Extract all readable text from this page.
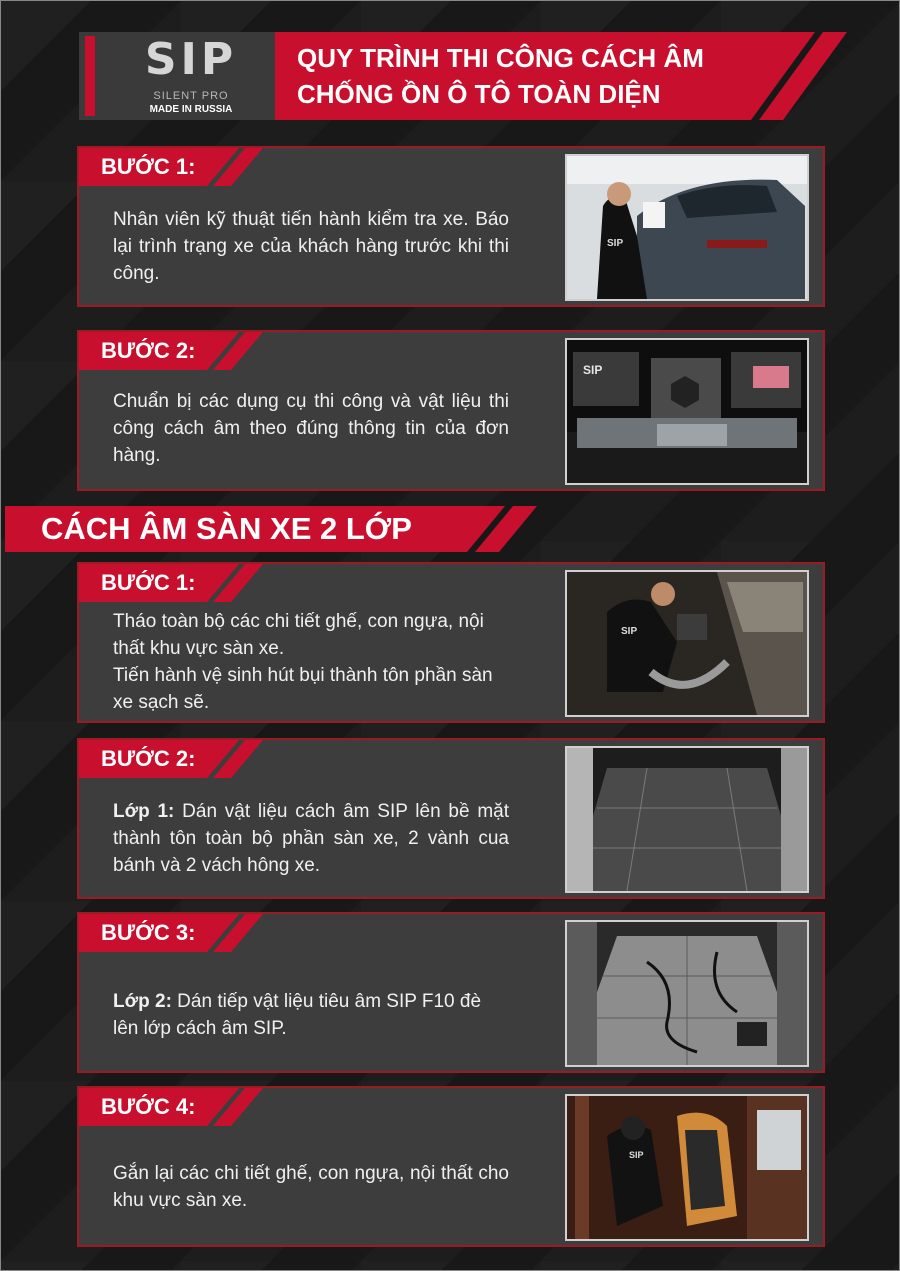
SIP
SILENT PRO
MADE IN RUSSIA
QUY TRÌNH THI CÔNG CÁCH ÂM
CHỐNG ỒN Ô TÔ TOÀN DIỆN
BƯỚC 1:
Nhân viên kỹ thuật tiến hành kiểm tra xe. Báo lại trình trạng xe của khách hàng trước khi thi công.
SIP
BƯỚC 2:
Chuẩn bị các dụng cụ thi công và vật liệu thi công cách âm theo đúng thông tin của đơn hàng.
SIP
CÁCH ÂM SÀN XE 2 LỚP
BƯỚC 1:
Tháo toàn bộ các chi tiết ghế, con ngựa, nội thất khu vực sàn xe.
Tiến hành vệ sinh hút bụi thành tôn phần sàn xe sạch sẽ.
SIP
BƯỚC 2:
Lớp 1: Dán vật liệu cách âm SIP lên bề mặt thành tôn toàn bộ phần sàn xe, 2 vành cua bánh và 2 vách hông xe.
BƯỚC 3:
Lớp 2: Dán tiếp vật liệu tiêu âm SIP F10 đè lên lớp cách âm SIP.
BƯỚC 4:
Gắn lại các chi tiết ghế, con ngựa, nội thất cho khu vực sàn xe.
SIP
